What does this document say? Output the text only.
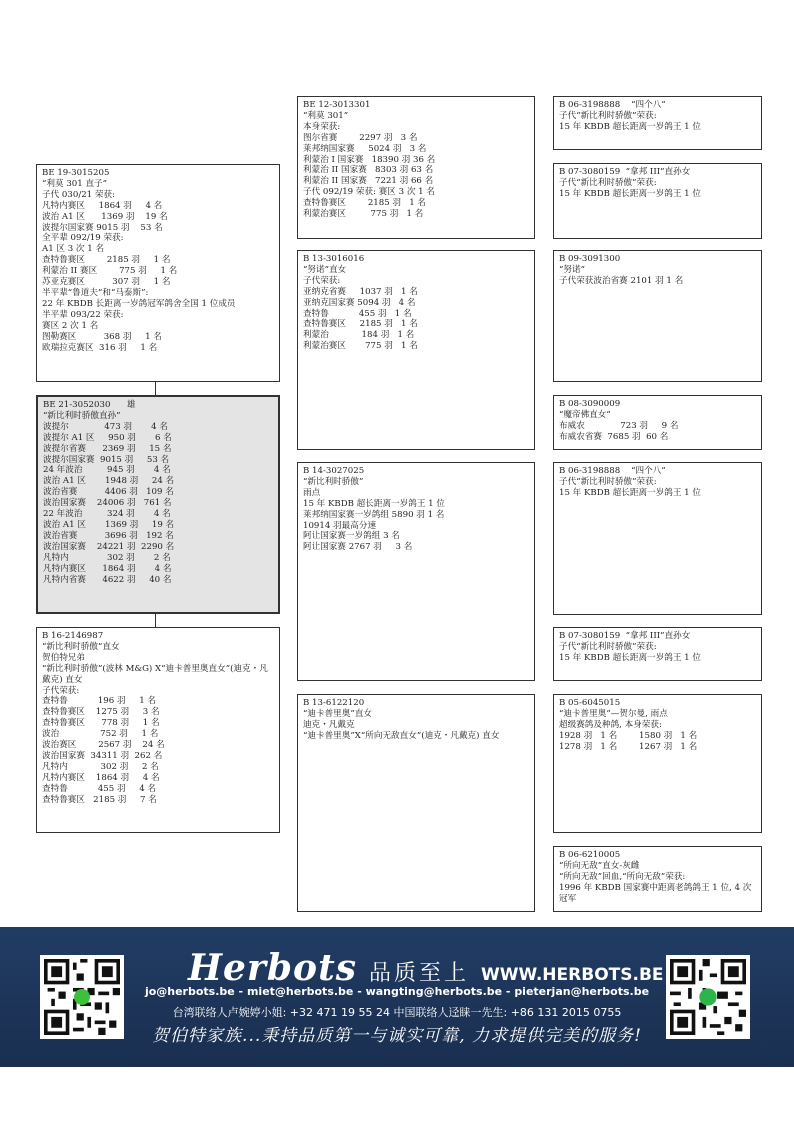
BE 19-3015205
“利莫 301 直子”
子代 030/21 荣获:
凡特内赛区     1864 羽     4 名
波治 A1 区      1369 羽    19 名
波提尔国家赛 9015 羽    53 名
全平辈 092/19 荣获:
A1 区 3 次 1 名
查特鲁赛区        2185 羽     1 名
利蒙治 II 赛区        775 羽     1 名
苏亚克赛区          307 羽     1 名
半平辈“鲁道夫”和“马泰斯”:
22 年 KBDB 长距离一岁鸽冠军鸽舍全国 1 位成员
半平辈 093/22 荣获:
赛区 2 次 1 名
图勒赛区          368 羽     1 名
欧瑞拉克赛区  316 羽     1 名
BE 21-3052030      雄
“新比利时骄傲直孙”
波提尔             473 羽       4 名
波提尔 A1 区     950 羽       6 名
波提尔省赛      2369 羽     15 名
波提尔国家赛  9015 羽     53 名
24 年波治         945 羽       4 名
波治 A1 区       1948 羽     24 名
波治省赛          4406 羽   109 名
波治国家赛    24006 羽   761 名
22 年波治         324 羽       4 名
波治 A1 区       1369 羽     19 名
波治省赛          3696 羽   192 名
波治国家赛    24221 羽  2290 名
凡特内              302 羽       2 名
凡特内赛区      1864 羽       4 名
凡特内省赛      4622 羽     40 名
B 16-2146987
“新比利时骄傲”直女
贺伯特兄弟
“新比利时骄傲”(波林 M&G) X“迪卡普里奥直女”(迪克・凡戴克) 直女
子代荣获:
查特鲁           196 羽     1 名
查特鲁赛区    1275 羽     3 名
查特鲁赛区      778 羽     1 名
波治               752 羽     1 名
波治赛区        2567 羽    24 名
波治国家赛  34311 羽  262 名
凡特内            302 羽     2 名
凡特内赛区    1864 羽     4 名
查特鲁           455 羽     4 名
查特鲁赛区   2185 羽     7 名
BE 12-3013301
“利莫 301”
本身荣获:
图尔省赛        2297 羽   3 名
莱邦纳国家赛     5024 羽   3 名
利蒙治 I 国家赛   18390 羽 36 名
利蒙治 II 国家赛   8303 羽 63 名
利蒙治 II 国家赛   7221 羽 66 名
子代 092/19 荣获: 赛区 3 次 1 名
查特鲁赛区        2185 羽   1 名
利蒙治赛区         775 羽   1 名
B 13-3016016
“努诺”直女
子代荣获:
亚纳克省赛     1037 羽   1 名
亚纳克国家赛 5094 羽   4 名
查特鲁           455 羽   1 名
查特鲁赛区     2185 羽   1 名
利蒙治            184 羽   1 名
利蒙治赛区       775 羽   1 名
B 14-3027025
“新比利时骄傲”
雨点
15 年 KBDB 超长距离一岁鸽王 1 位
莱邦纳国家赛一岁鸽组 5890 羽 1 名
10914 羽最高分速
阿让国家赛一岁鸽组 3 名
阿让国家赛 2767 羽     3 名
B 13-6122120
“迪卡普里奥”直女
迪克・凡戴克
“迪卡普里奥”X“所向无敌直女”(迪克・凡戴克) 直女
B 06-3198888    “四个八”
子代“新比利时骄傲”荣获:
15 年 KBDB 超长距离一岁鸽王 1 位
B 07-3080159  “拿邦 III”直孙女
子代“新比利时骄傲”荣获:
15 年 KBDB 超长距离一岁鸽王 1 位
B 09-3091300
“努诺”
子代荣获波治省赛 2101 羽 1 名
B 08-3090009
“魔帝佛直女”
布威农             723 羽     9 名
布威农省赛  7685 羽  60 名
B 06-3198888    “四个八”
子代“新比利时骄傲”荣获:
15 年 KBDB 超长距离一岁鸽王 1 位
B 07-3080159  “拿邦 III”直孙女
子代“新比利时骄傲”荣获:
15 年 KBDB 超长距离一岁鸽王 1 位
B 05-6045015
“迪卡普里奥”—贺尔曼, 雨点
超级赛鸽及种鸽, 本身荣获:
1928 羽   1 名        1580 羽   1 名
1278 羽   1 名        1267 羽   1 名
B 06-6210005
“所向无敌”直女-灰雌
“所向无敌”回血,“所向无敌”荣获:
1996 年 KBDB 国家赛中距离老鸽鸽王 1 位, 4 次冠军
Herbots 品质至上 WWW.HERBOTS.BE
jo@herbots.be - miet@herbots.be - wangting@herbots.be - pieterjan@herbots.be
台湾联络人卢婉婷小姐: +32 471 19 55 24 中国联络人迳睐一先生: +86 131 2015 0755
贺伯特家族...秉持品质第一与诚实可靠, 力求提供完美的服务!
